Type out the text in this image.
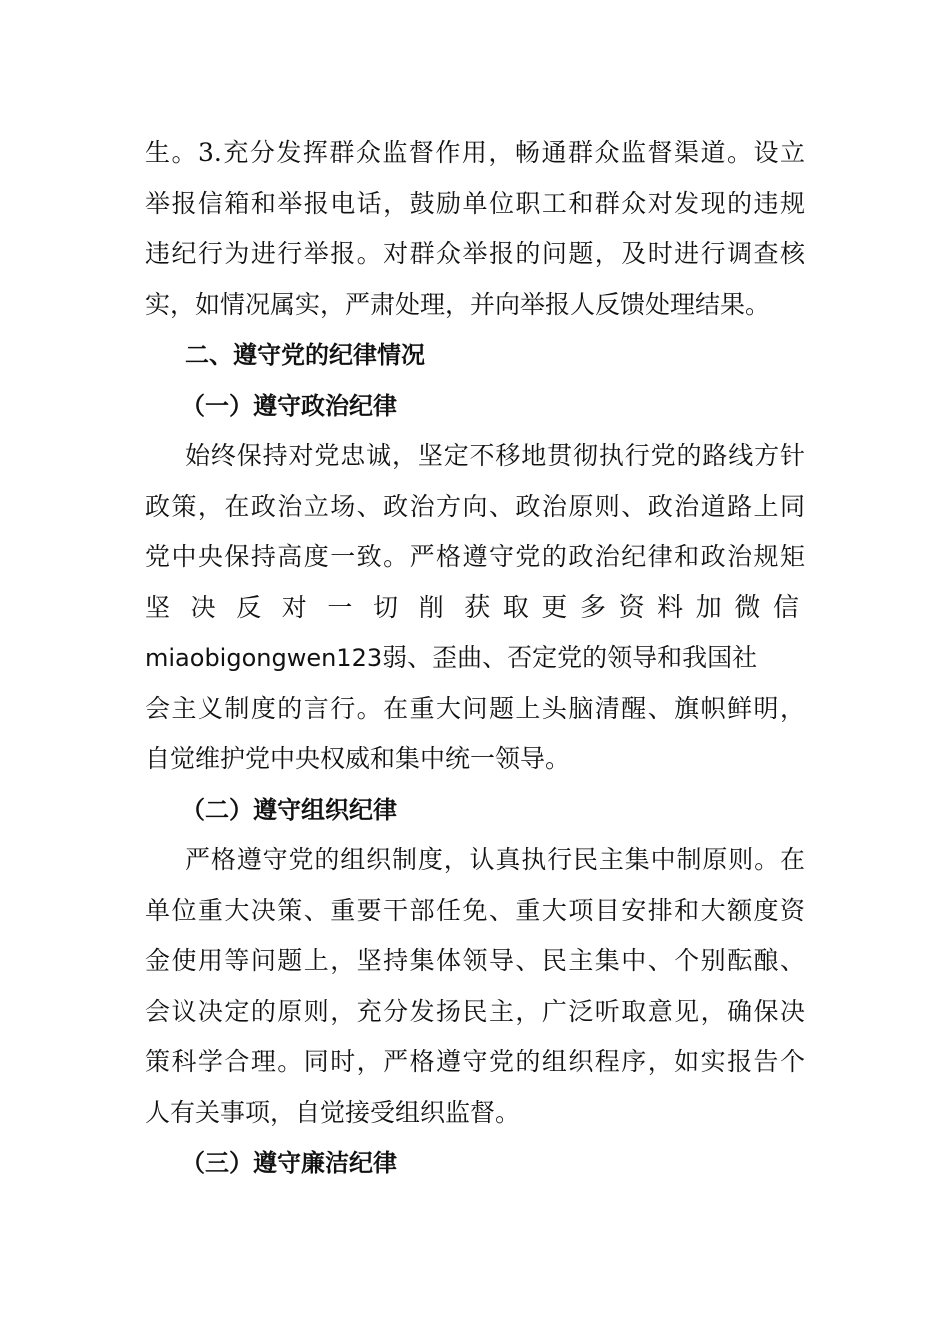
生。3.充分发挥群众监督作用，畅通群众监督渠道。设立
举报信箱和举报电话，鼓励单位职工和群众对发现的违规
违纪行为进行举报。对群众举报的问题，及时进行调查核
实，如情况属实，严肃处理，并向举报人反馈处理结果。
二、遵守党的纪律情况
（一）遵守政治纪律
始终保持对党忠诚，坚定不移地贯彻执行党的路线方针
政策，在政治立场、政治方向、政治原则、政治道路上同
党中央保持高度一致。严格遵守党的政治纪律和政治规矩
坚决反对一切削获取更多资料加微信
miaobigongwen123弱、歪曲、否定党的领导和我国社
会主义制度的言行。在重大问题上头脑清醒、旗帜鲜明，
自觉维护党中央权威和集中统一领导。
（二）遵守组织纪律
严格遵守党的组织制度，认真执行民主集中制原则。在
单位重大决策、重要干部任免、重大项目安排和大额度资
金使用等问题上，坚持集体领导、民主集中、个别酝酿、
会议决定的原则，充分发扬民主，广泛听取意见，确保决
策科学合理。同时，严格遵守党的组织程序，如实报告个
人有关事项，自觉接受组织监督。
（三）遵守廉洁纪律
